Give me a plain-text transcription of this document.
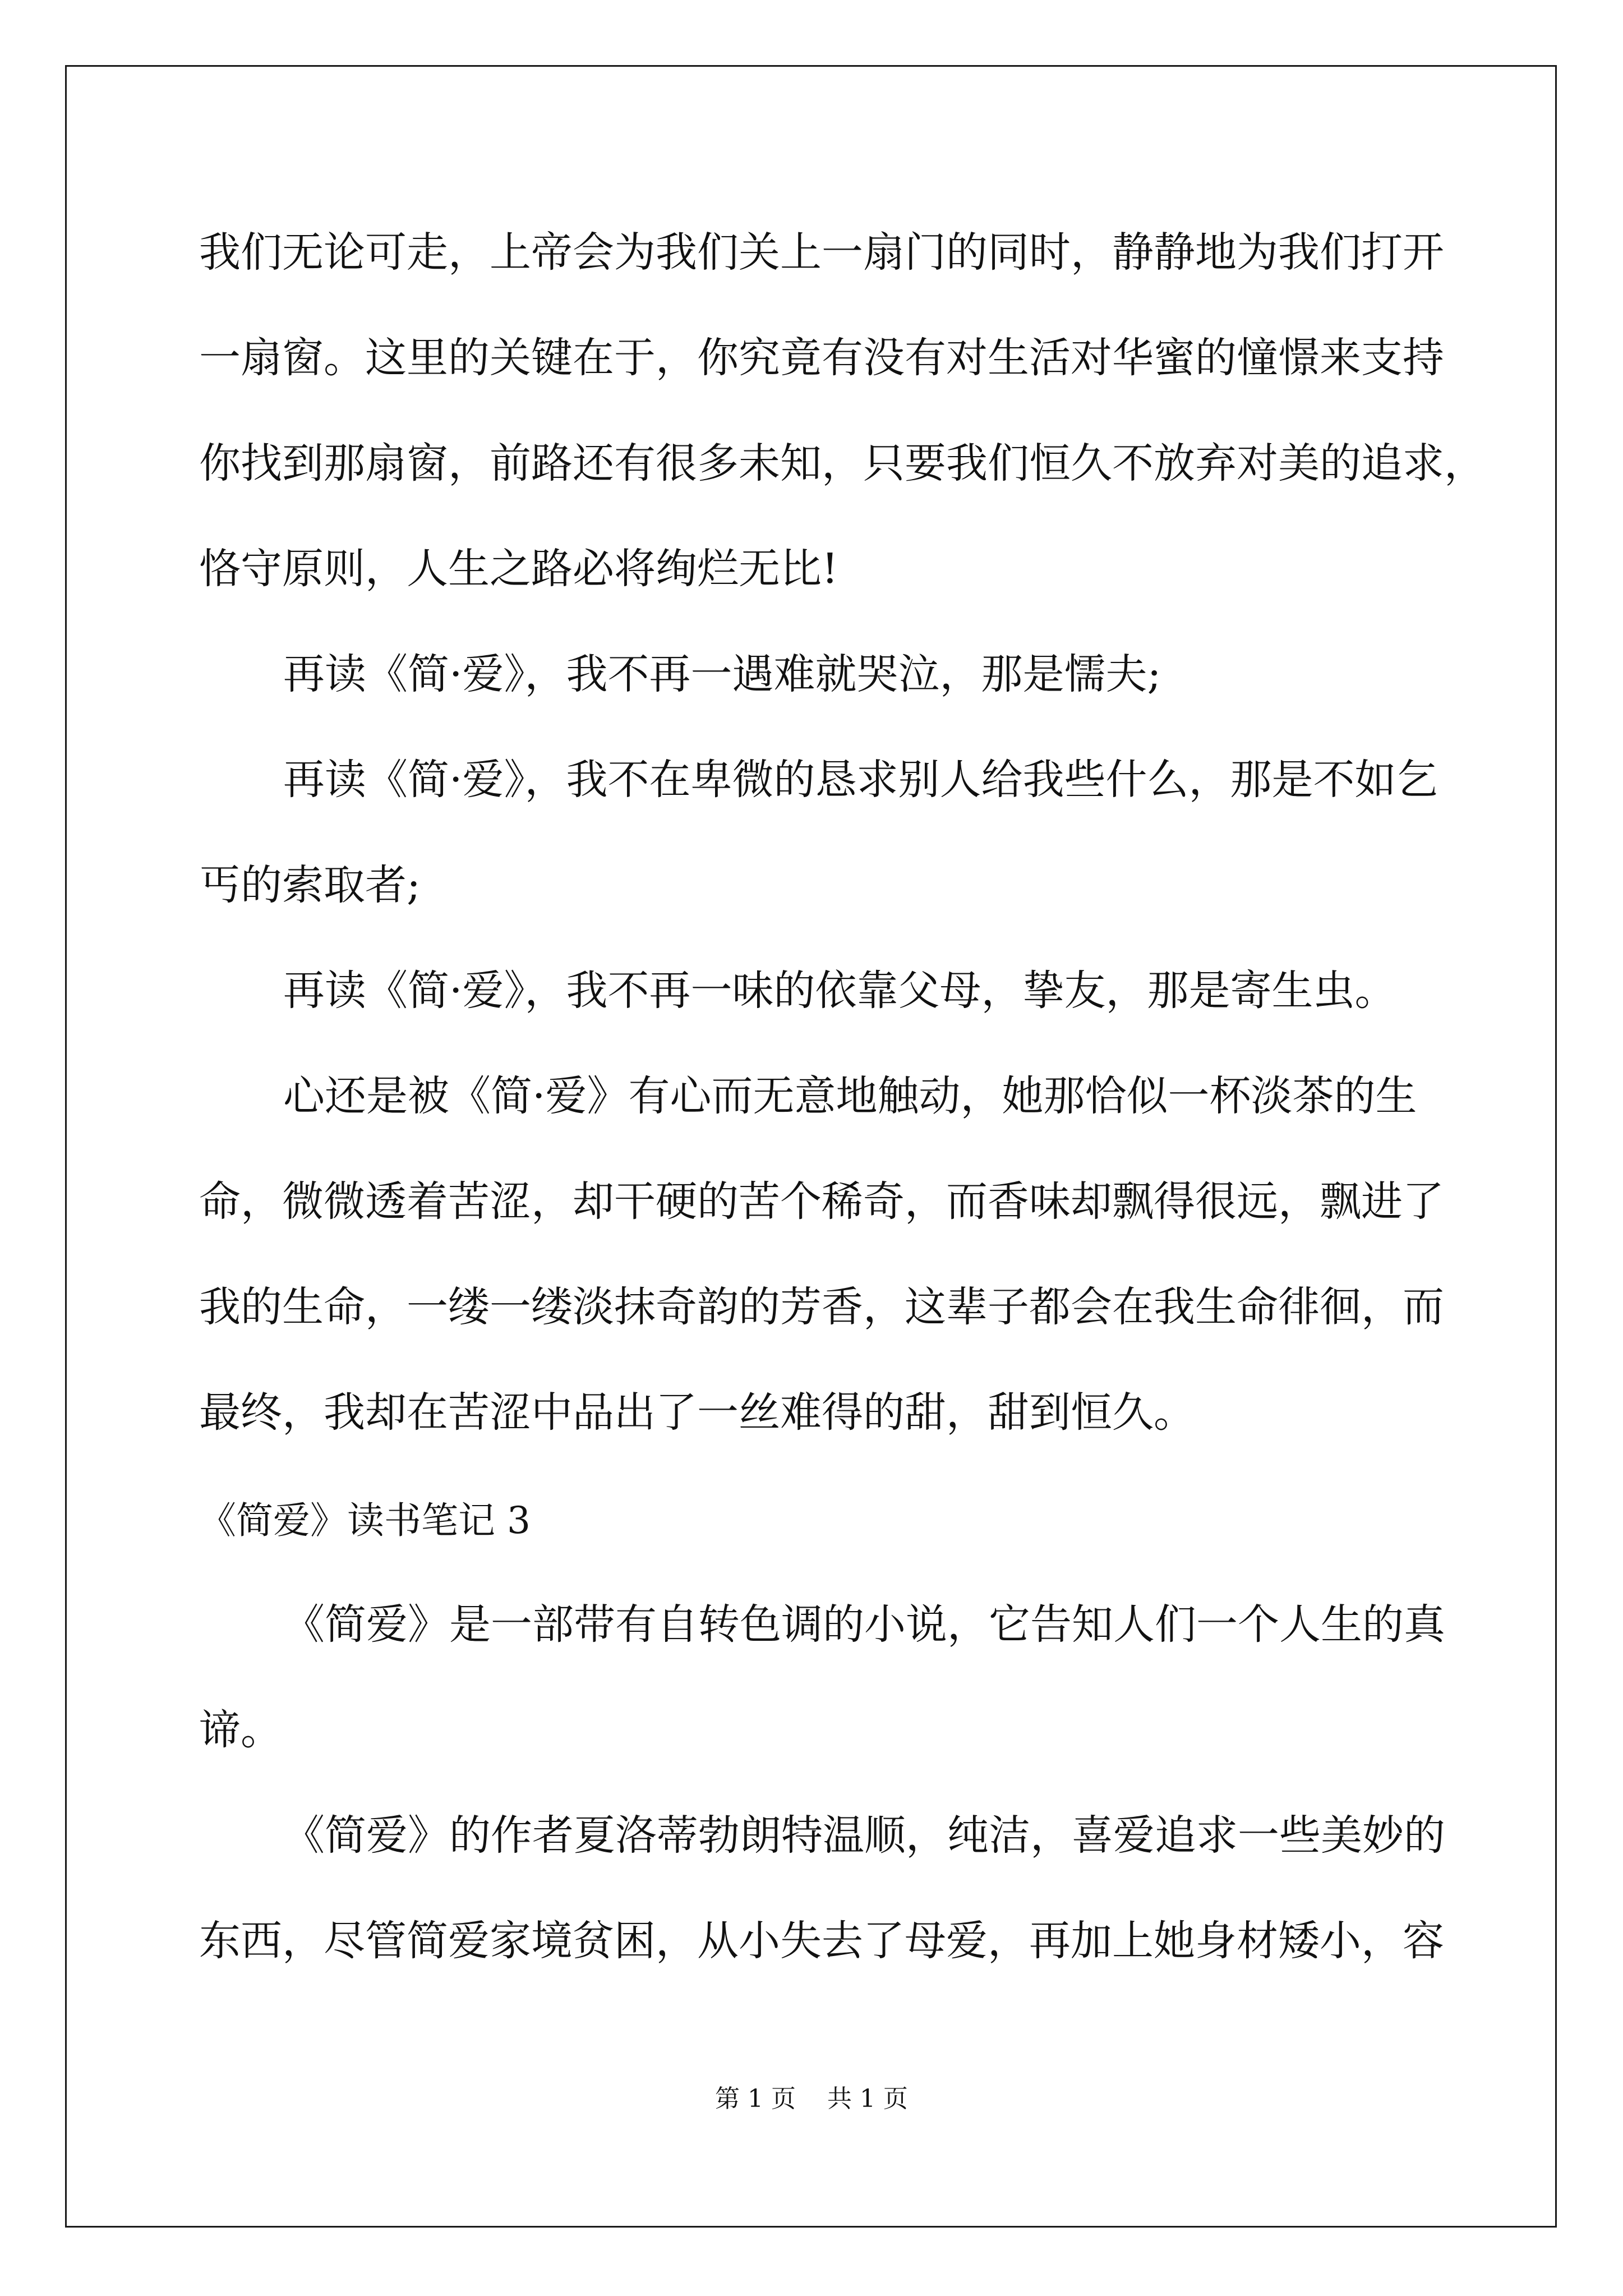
我们无论可走，上帝会为我们关上一扇门的同时，静静地为我们打开
一扇窗。这里的关键在于，你究竟有没有对生活对华蜜的憧憬来支持
你找到那扇窗，前路还有很多未知，只要我们恒久不放弃对美的追求，
恪守原则，人生之路必将绚烂无比!
再读《简·爱》，我不再一遇难就哭泣，那是懦夫;
再读《简·爱》，我不在卑微的恳求别人给我些什么，那是不如乞
丐的索取者;
再读《简·爱》，我不再一味的依靠父母，挚友，那是寄生虫。
心还是被《简·爱》有心而无意地触动，她那恰似一杯淡茶的生
命，微微透着苦涩，却干硬的苦个稀奇，而香味却飘得很远，飘进了
我的生命，一缕一缕淡抹奇韵的芳香，这辈子都会在我生命徘徊，而
最终，我却在苦涩中品出了一丝难得的甜，甜到恒久。
《简爱》读书笔记 3
《简爱》是一部带有自转色调的小说，它告知人们一个人生的真
谛。
《简爱》的作者夏洛蒂勃朗特温顺，纯洁，喜爱追求一些美妙的
东西，尽管简爱家境贫困，从小失去了母爱，再加上她身材矮小，容
第 1 页    共 1 页
